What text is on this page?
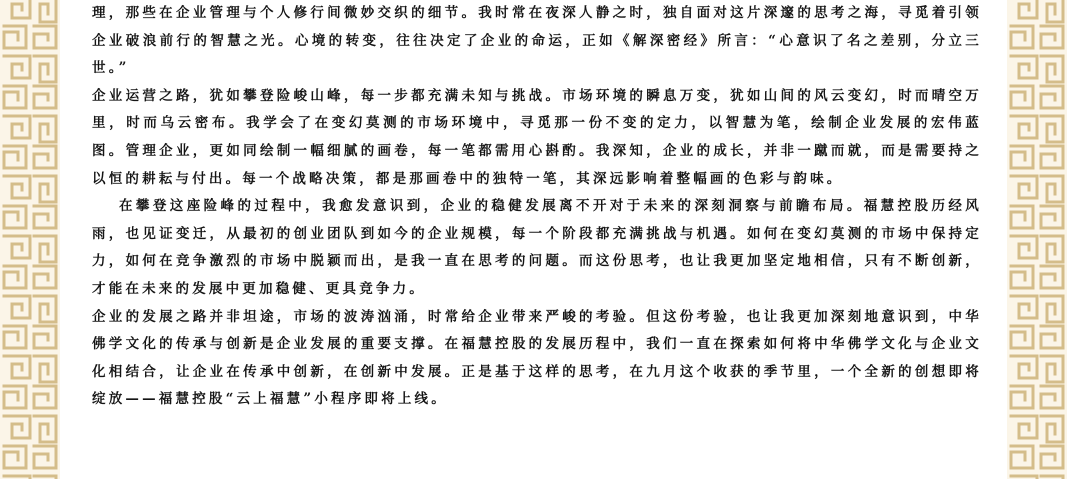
理，那些在企业管理与个人修行间微妙交织的细节。我时常在夜深人静之时，独自面对这片深邃的思考之海，寻觅着引领企业破浪前行的智慧之光。心境的转变，往往决定了企业的命运，正如《解深密经》所言：“心意识了名之差别，分立三世。”

企业运营之路，犹如攀登险峻山峰，每一步都充满未知与挑战。市场环境的瞬息万变，犹如山间的风云变幻，时而晴空万里，时而乌云密布。我学会了在变幻莫测的市场环境中，寻觅那一份不变的定力，以智慧为笔，绘制企业发展的宏伟蓝图。管理企业，更如同绘制一幅细腻的画卷，每一笔都需用心斟酌。我深知，企业的成长，并非一蹴而就，而是需要持之以恒的耕耘与付出。每一个战略决策，都是那画卷中的独特一笔，其深远影响着整幅画的色彩与韵味。

在攀登这座险峰的过程中，我愈发意识到，企业的稳健发展离不开对于未来的深刻洞察与前瞻布局。福慧控股历经风雨，也见证变迁，从最初的创业团队到如今的企业规模，每一个阶段都充满挑战与机遇。如何在变幻莫测的市场中保持定力，如何在竞争激烈的市场中脱颖而出，是我一直在思考的问题。而这份思考，也让我更加坚定地相信，只有不断创新，才能在未来的发展中更加稳健、更具竞争力。

企业的发展之路并非坦途，市场的波涛汹涌，时常给企业带来严峻的考验。但这份考验，也让我更加深刻地意识到，中华佛学文化的传承与创新是企业发展的重要支撑。在福慧控股的发展历程中，我们一直在探索如何将中华佛学文化与企业文化相结合，让企业在传承中创新，在创新中发展。正是基于这样的思考，在九月这个收获的季节里，一个全新的创想即将绽放——福慧控股“云上福慧”小程序即将上线。
